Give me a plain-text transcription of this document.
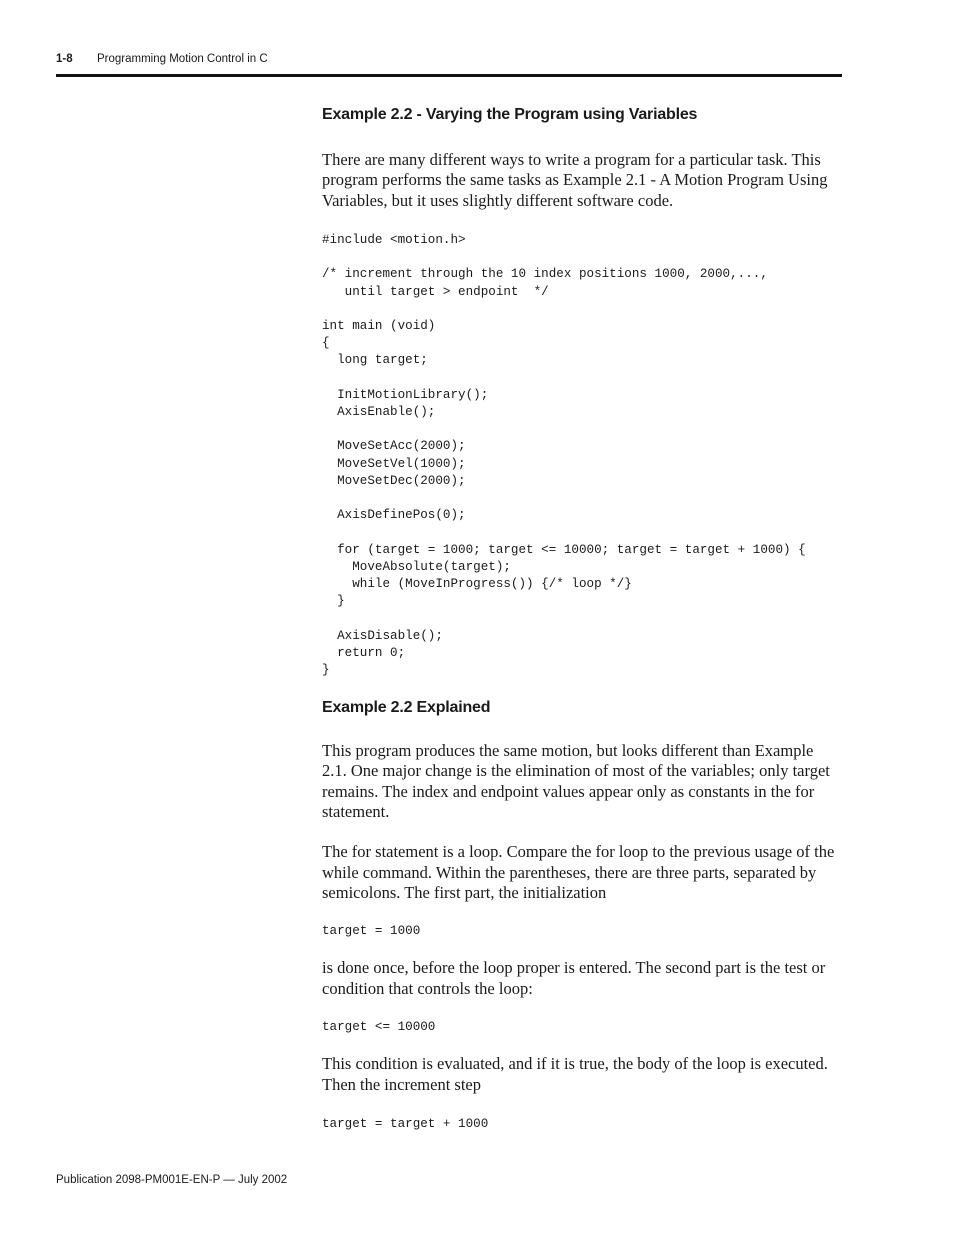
1-8 Programming Motion Control in C
Example 2.2 - Varying the Program using Variables

There are many different ways to write a program for a particular task. This program performs the same tasks as Example 2.1 - A Motion Program Using Variables, but it uses slightly different software code.

#include <motion.h>

/* increment through the 10 index positions 1000, 2000,...,
until target > endpoint  */

int main (void)
{
long target;

InitMotionLibrary();
AxisEnable();

MoveSetAcc(2000);
MoveSetVel(1000);
MoveSetDec(2000);

AxisDefinePos(0);

for (target = 1000; target <= 10000; target = target + 1000) {
MoveAbsolute(target);
while (MoveInProgress()) {/* loop */}
}

AxisDisable();
return 0;
}
Example 2.2 Explained

This program produces the same motion, but looks different than Example 2.1. One major change is the elimination of most of the variables; only target remains. The index and endpoint values appear only as constants in the for statement.

The for statement is a loop. Compare the for loop to the previous usage of the while command. Within the parentheses, there are three parts, separated by semicolons. The first part, the initialization

target = 1000

is done once, before the loop proper is entered. The second part is the test or condition that controls the loop:

target <= 10000

This condition is evaluated, and if it is true, the body of the loop is executed. Then the increment step

target = target + 1000
Publication 2098-PM001E-EN-P — July 2002
